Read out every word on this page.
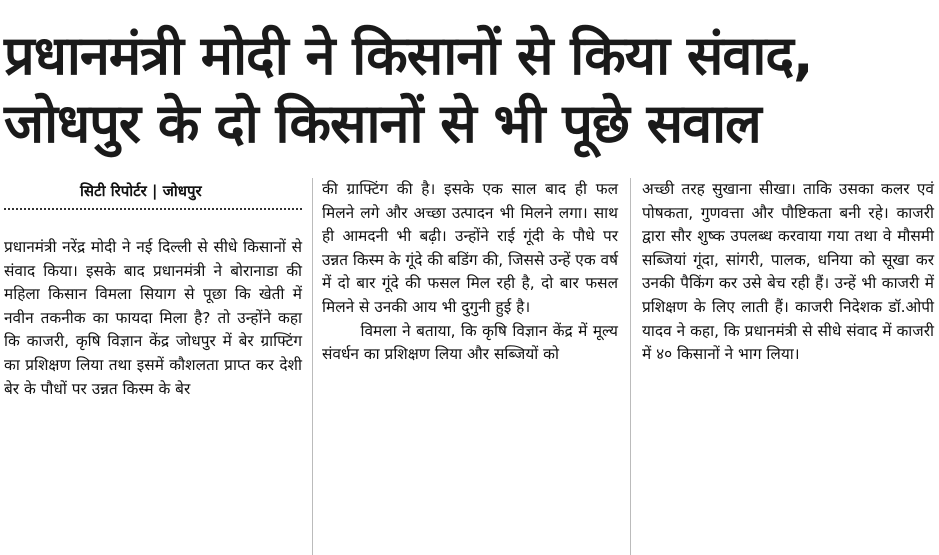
प्रधानमंत्री मोदी ने किसानों से किया संवाद,
जोधपुर के दो किसानों से भी पूछे सवाल
सिटी रिपोर्टर | जोधपुर

प्रधानमंत्री नरेंद्र मोदी ने नई दिल्ली से सीधे किसानों से संवाद किया। इसके बाद प्रधानमंत्री ने बोरानाडा की महिला किसान विमला सियाग से पूछा कि खेती में नवीन तकनीक का फायदा मिला है? तो उन्होंने कहा कि काजरी, कृषि विज्ञान केंद्र जोधपुर में बेर ग्राफ्टिंग का प्रशिक्षण लिया तथा इसमें कौशलता प्राप्त कर देशी बेर के पौधों पर उन्नत किस्म के बेर

की ग्राफ्टिंग की है। इसके एक साल बाद ही फल मिलने लगे और अच्छा उत्पादन भी मिलने लगा। साथ ही आमदनी भी बढ़ी। उन्होंने राई गूंदी के पौधे पर उन्नत किस्म के गूंदे की बडिंग की, जिससे उन्हें एक वर्ष में दो बार गूंदे की फसल मिल रही है, दो बार फसल मिलने से उनकी आय भी दुगुनी हुई है।

विमला ने बताया, कि कृषि विज्ञान केंद्र में मूल्य संवर्धन का प्रशिक्षण लिया और सब्जियों को

अच्छी तरह सुखाना सीखा। ताकि उसका कलर एवं पोषकता, गुणवत्ता और पौष्टिकता बनी रहे। काजरी द्वारा सौर शुष्क उपलब्ध करवाया गया तथा वे मौसमी सब्जियां गूंदा, सांगरी, पालक, धनिया को सूखा कर उनकी पैकिंग कर उसे बेच रही हैं। उन्हें भी काजरी में प्रशिक्षण के लिए लाती हैं। काजरी निदेशक डॉ.ओपी यादव ने कहा, कि प्रधानमंत्री से सीधे संवाद में काजरी में ४० किसानों ने भाग लिया।
